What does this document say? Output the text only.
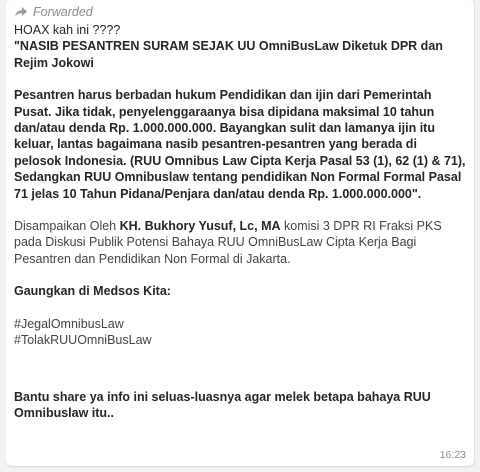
Forwarded

HOAX kah ini ????

"NASIB PESANTREN SURAM SEJAK UU OmniBusLaw Diketuk DPR dan Rejim Jokowi

Pesantren harus berbadan hukum Pendidikan dan ijin dari Pemerintah Pusat. Jika tidak, penyelenggaraanya bisa dipidana maksimal 10 tahun dan/atau denda Rp. 1.000.000.000. Bayangkan sulit dan lamanya ijin itu keluar, lantas bagaimana nasib pesantren-pesantren yang berada di pelosok Indonesia. (RUU Omnibus Law Cipta Kerja Pasal 53 (1), 62 (1) & 71), Sedangkan RUU Omnibuslaw tentang pendidikan Non Formal Formal Pasal 71 jelas 10 Tahun Pidana/Penjara dan/atau denda Rp. 1.000.000.000".

Disampaikan Oleh KH. Bukhory Yusuf, Lc, MA komisi 3 DPR RI Fraksi PKS pada Diskusi Publik Potensi Bahaya RUU OmniBusLaw Cipta Kerja Bagi Pesantren dan Pendidikan Non Formal di Jakarta.

Gaungkan di Medsos Kita:

#JegalOmnibusLaw

#TolakRUUOmniBusLaw

Bantu share ya info ini seluas-luasnya agar melek betapa bahaya RUU Omnibuslaw itu..

16:23
